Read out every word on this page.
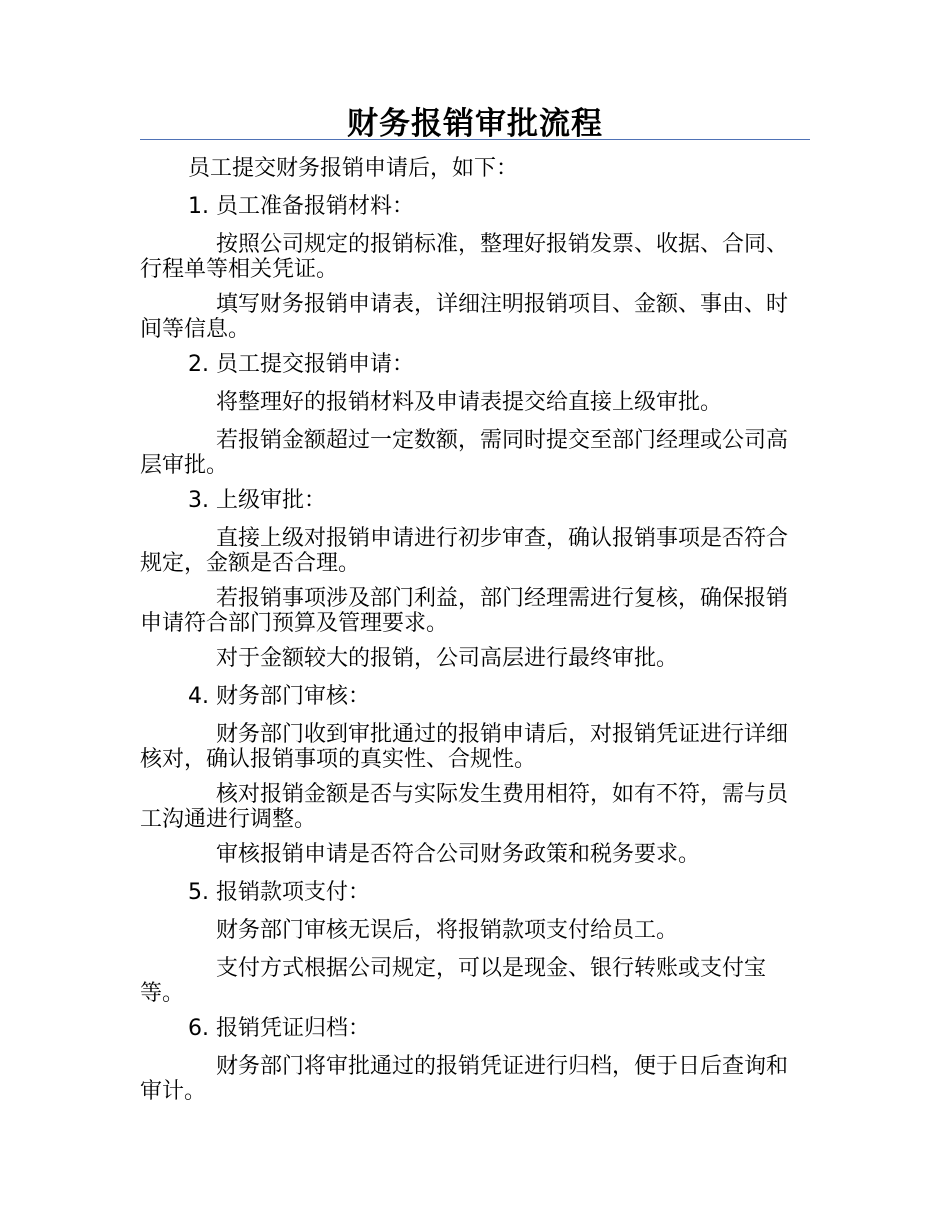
财务报销审批流程

员工提交财务报销申请后，如下：

1. 员工准备报销材料：

按照公司规定的报销标准，整理好报销发票、收据、合同、行程单等相关凭证。

填写财务报销申请表，详细注明报销项目、金额、事由、时间等信息。

2. 员工提交报销申请：

将整理好的报销材料及申请表提交给直接上级审批。

若报销金额超过一定数额，需同时提交至部门经理或公司高层审批。

3. 上级审批：

直接上级对报销申请进行初步审查，确认报销事项是否符合规定，金额是否合理。

若报销事项涉及部门利益，部门经理需进行复核，确保报销申请符合部门预算及管理要求。

对于金额较大的报销，公司高层进行最终审批。

4. 财务部门审核：

财务部门收到审批通过的报销申请后，对报销凭证进行详细核对，确认报销事项的真实性、合规性。

核对报销金额是否与实际发生费用相符，如有不符，需与员工沟通进行调整。

审核报销申请是否符合公司财务政策和税务要求。

5. 报销款项支付：

财务部门审核无误后，将报销款项支付给员工。

支付方式根据公司规定，可以是现金、银行转账或支付宝等。

6. 报销凭证归档：

财务部门将审批通过的报销凭证进行归档，便于日后查询和审计。
